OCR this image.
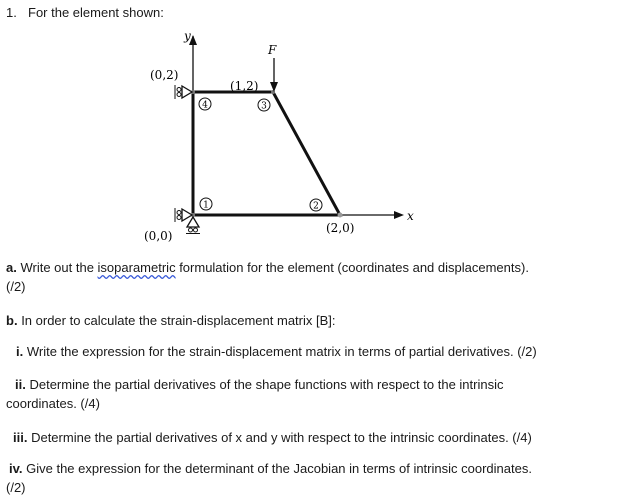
1. For the element shown:
y
x
F
(0,2)
(1,2)
(0,0)
(2,0)
1	2
3
4
a. Write out the isoparametric formulation for the element (coordinates and displacements).
(/2)
b. In order to calculate the strain-displacement matrix [B]:
i. Write the expression for the strain-displacement matrix in terms of partial derivatives. (/2)
ii. Determine the partial derivatives of the shape functions with respect to the intrinsic
coordinates. (/4)
iii. Determine the partial derivatives of x and y with respect to the intrinsic coordinates. (/4)
iv. Give the expression for the determinant of the Jacobian in terms of intrinsic coordinates.
(/2)
